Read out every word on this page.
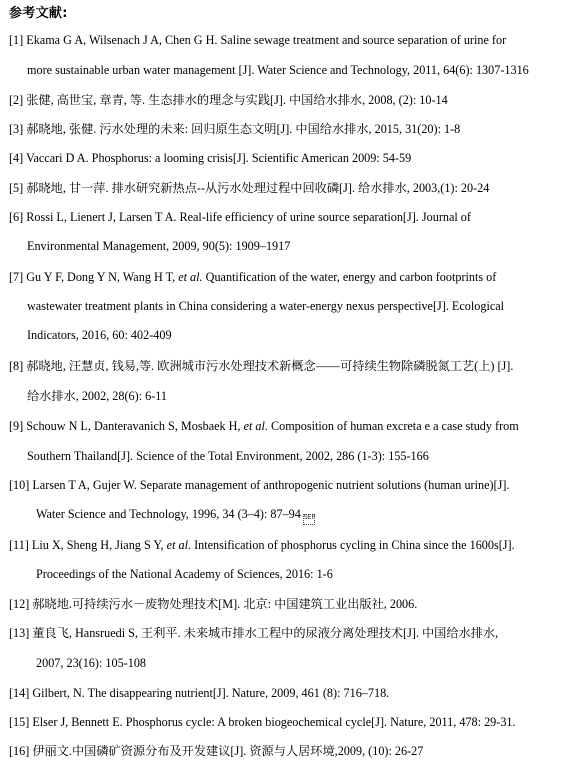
参考文献:
[1] Ekama G A, Wilsenach J A, Chen G H. Saline sewage treatment and source separation of urine for
more sustainable urban water management [J]. Water Science and Technology, 2011, 64(6): 1307-1316
[2] 张健, 高世宝, 章青, 等. 生态排水的理念与实践[J]. 中国给水排水, 2008, (2): 10-14
[3] 郝晓地, 张健. 污水处理的未来: 回归原生态文明[J]. 中国给水排水, 2015, 31(20): 1-8
[4] Vaccari D A. Phosphorus: a looming crisis[J]. Scientific American 2009: 54-59
[5] 郝晓地, 甘一萍. 排水研究新热点--从污水处理过程中回收磷[J]. 给水排水, 2003,(1): 20-24
[6] Rossi L, Lienert J, Larsen T A. Real-life efficiency of urine source separation[J]. Journal of
Environmental Management, 2009, 90(5): 1909–1917
[7] Gu Y F, Dong Y N, Wang H T, et al. Quantification of the water, energy and carbon footprints of
wastewater treatment plants in China considering a water-energy nexus perspective[J]. Ecological
Indicators, 2016, 60: 402-409
[8] 郝晓地, 汪慧贞, 钱易,等. 欧洲城市污水处理技术新概念——可持续生物除磷脱氮工艺(上) [J].
给水排水, 2002, 28(6): 6-11
[9] Schouw N L, Danteravanich S, Mosbaek H, et al. Composition of human excreta e a case study from
Southern Thailand[J]. Science of the Total Environment, 2002, 286 (1-3): 155-166
[10] Larsen T A, Gujer W. Separate management of anthropogenic nutrient solutions (human urine)[J].
Water Science and Technology, 1996, 34 (3–4): 87–94 SEP
[11] Liu X, Sheng H, Jiang S Y, et al. Intensification of phosphorus cycling in China since the 1600s[J].
Proceedings of the National Academy of Sciences, 2016: 1-6
[12] 郝晓地.可持续污水－废物处理技术[M]. 北京: 中国建筑工业出版社, 2006.
[13] 董良飞, Hansruedi S, 王利平. 未来城市排水工程中的尿液分离处理技术[J]. 中国给水排水,
2007, 23(16): 105-108
[14] Gilbert, N. The disappearing nutrient[J]. Nature, 2009, 461 (8): 716–718.
[15] Elser J, Bennett E. Phosphorus cycle: A broken biogeochemical cycle[J]. Nature, 2011, 478: 29-31.
[16] 伊丽文.中国磷矿资源分布及开发建议[J]. 资源与人居环境,2009, (10): 26-27
